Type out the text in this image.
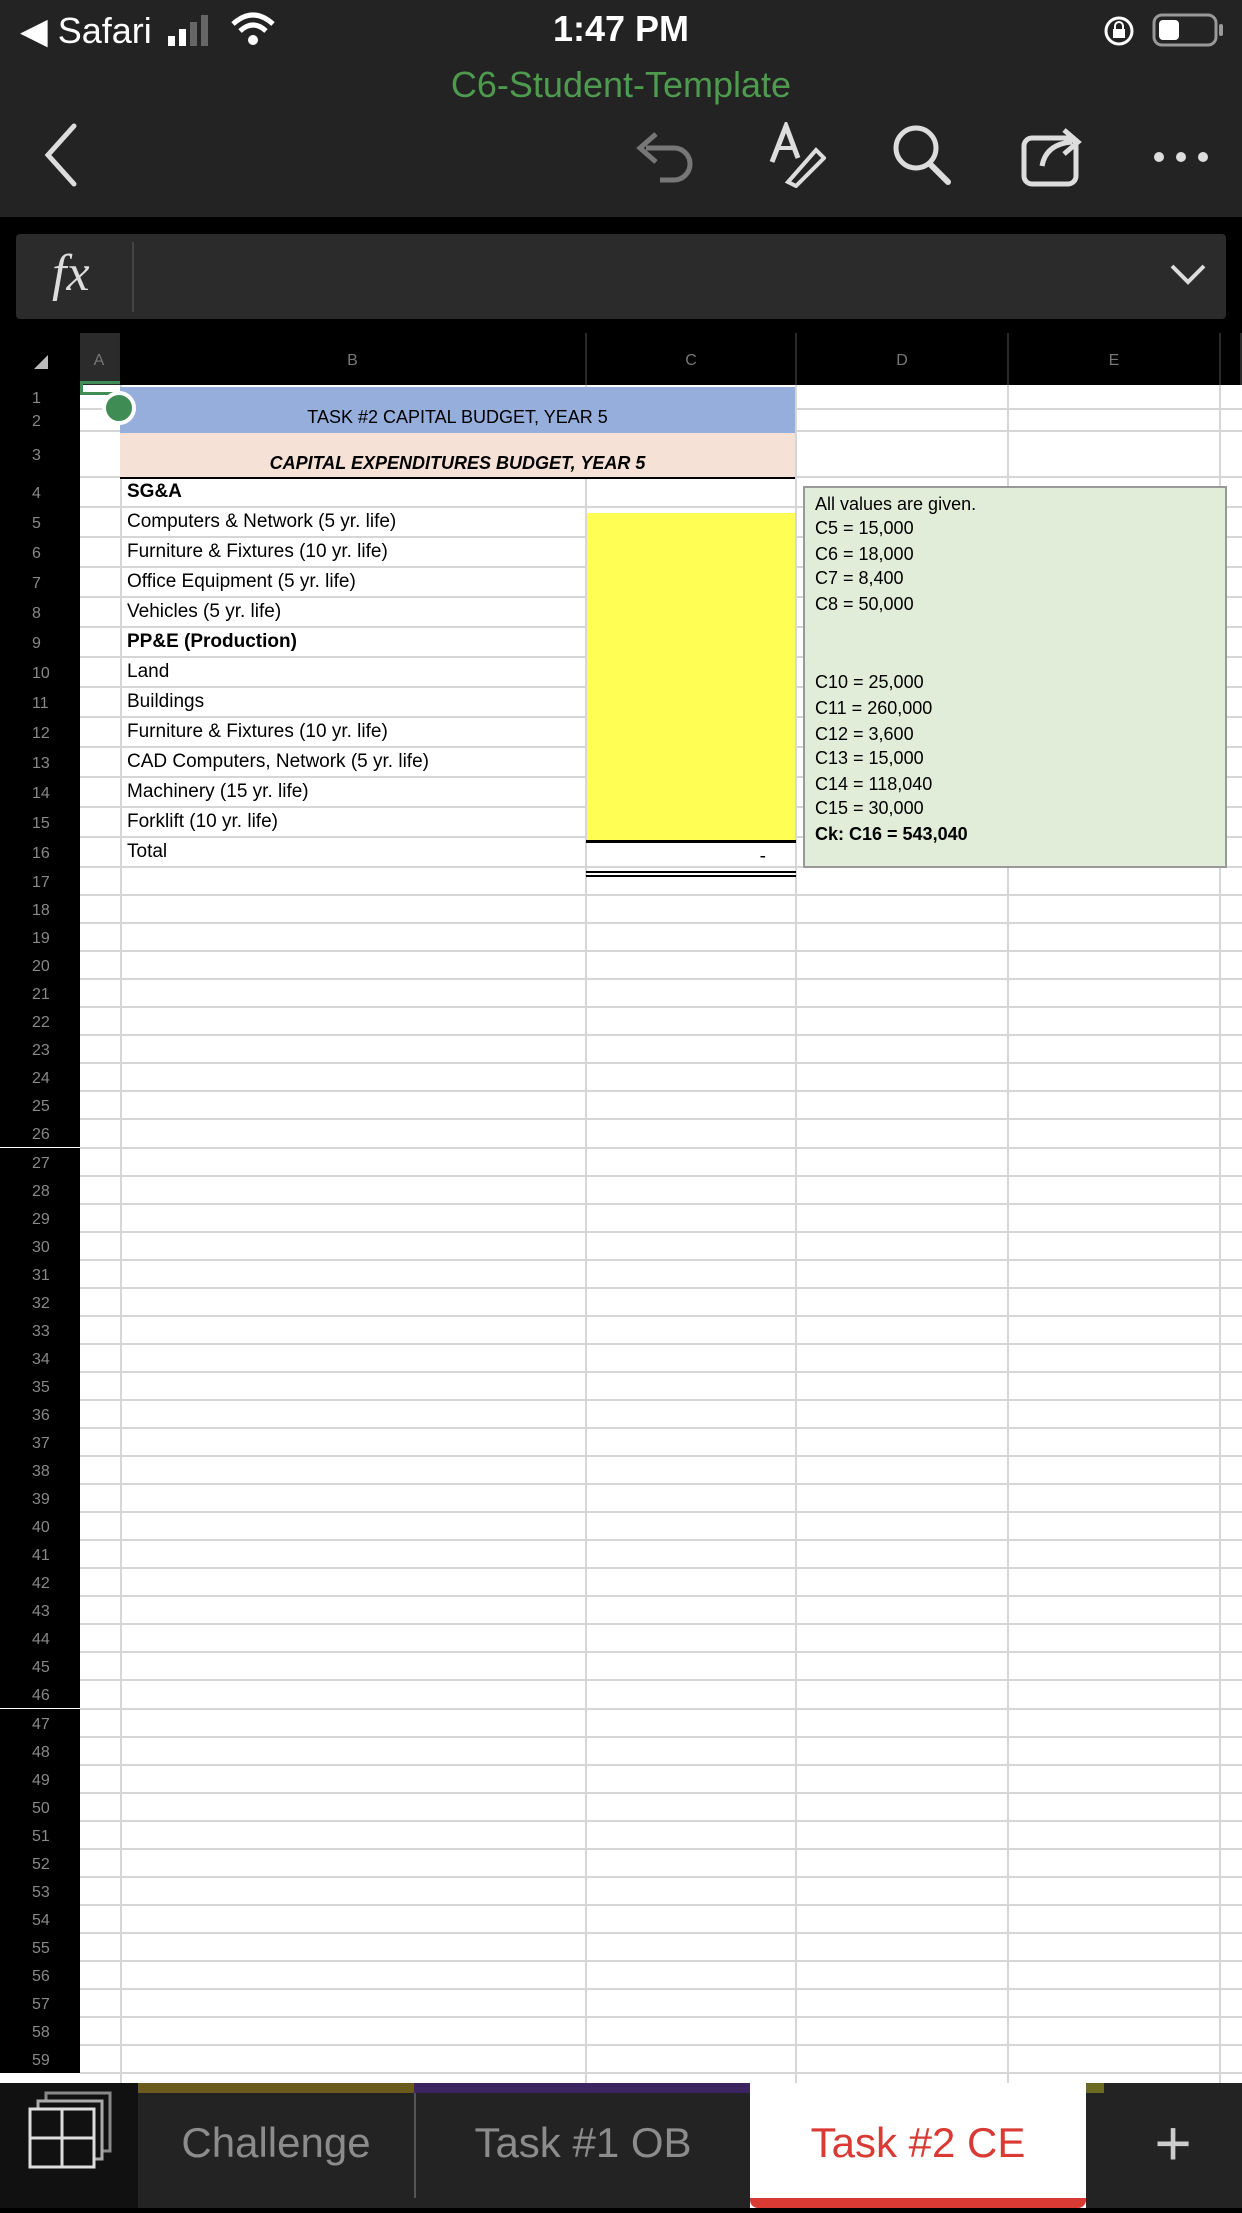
◀ Safari	1:47 PM
C6-Student-Template
fx
A	B	C	D	E
1
2
3
4
5
6
7
8
9
10
11
12
13
14
15
16
17
18
19
20
21
22
23
24
25
26
27
28
29
30
31
32
33
34
35
36
37
38
39
40
41
42
43
44
45
46
47
48
49
50
51
52
53
54
55
56
57
58
59
TASK #2 CAPITAL BUDGET, YEAR 5
CAPITAL EXPENDITURES BUDGET, YEAR 5
SG&A
Computers & Network (5 yr. life)
Furniture & Fixtures (10 yr. life)
Office Equipment (5 yr. life)
Vehicles (5 yr. life)
PP&E (Production)
Land
Buildings
Furniture & Fixtures (10 yr. life)
CAD Computers, Network (5 yr. life)
Machinery (15 yr. life)
Forklift (10 yr. life)
Total	-
All values are given.
C5 = 15,000
C6 = 18,000
C7 = 8,400
C8 = 50,000
C10 = 25,000
C11 = 260,000
C12 = 3,600
C13 = 15,000
C14 = 118,040
C15 = 30,000
Ck: C16 = 543,040
Challenge	Task #1 OB	Task #2 CE	+
